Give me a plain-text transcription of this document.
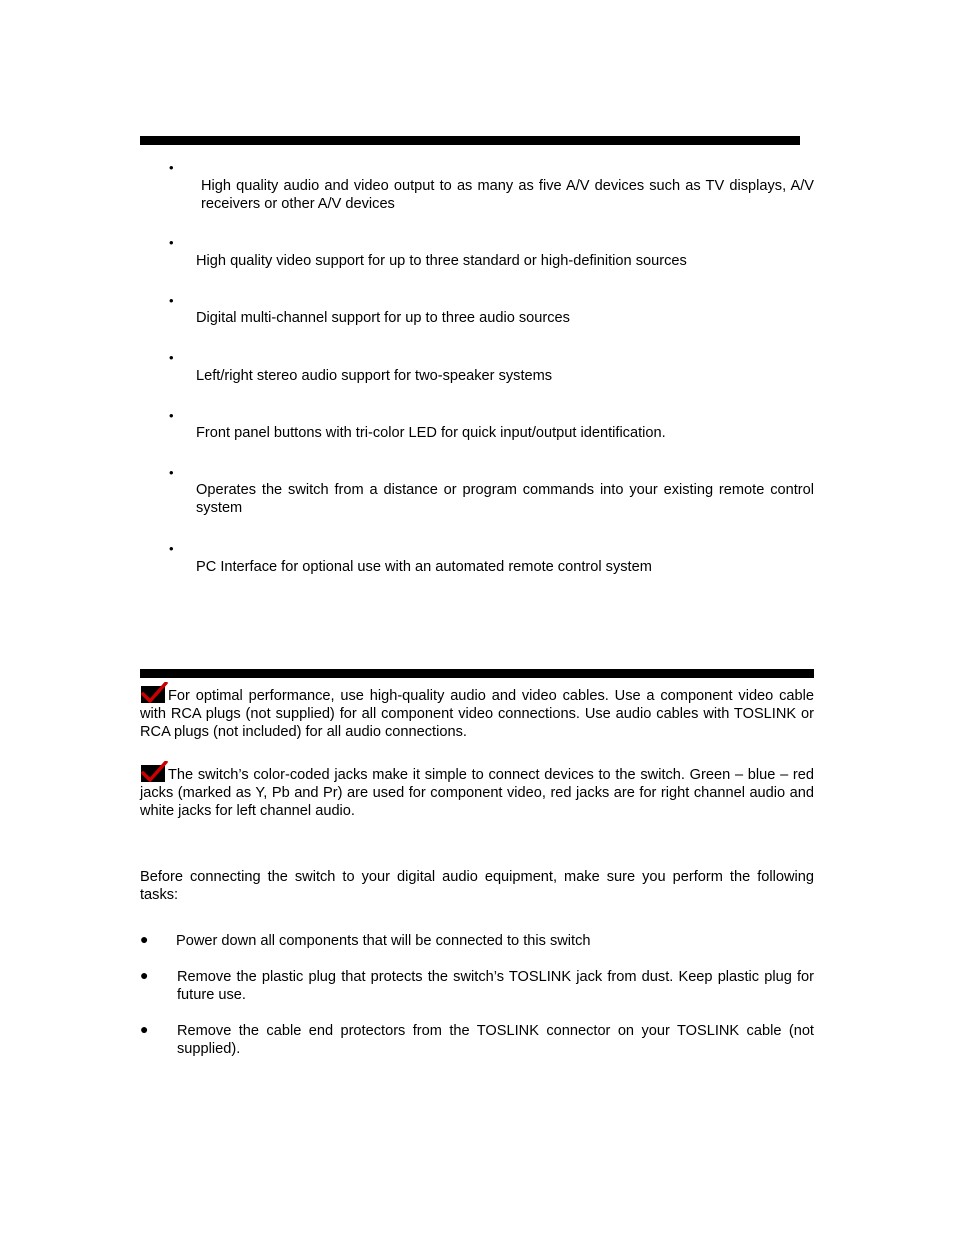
•
High quality audio and video output to as many as five A/V devices such as TV displays, A/V receivers or other A/V devices
•
High quality video support for up to three standard or high-definition sources
•
Digital multi-channel support for up to three audio sources
•
Left/right stereo audio support for two-speaker systems
•
Front panel buttons with tri-color LED for quick input/output identification.
•
Operates the switch from a distance or program commands into your existing remote control system
•
PC Interface for optional use with an automated remote control system

For optimal performance, use high-quality audio and video cables. Use a component video cable with RCA plugs (not supplied) for all component video connections. Use audio cables with TOSLINK or RCA plugs (not included) for all audio connections.

The switch’s color-coded jacks make it simple to connect devices to the switch. Green – blue – red jacks (marked as Y, Pb and Pr) are used for component video, red jacks are for right channel audio and white jacks for left channel audio.

Before connecting the switch to your digital audio equipment, make sure you perform the following tasks:

● Power down all components that will be connected to this switch
● Remove the plastic plug that protects the switch’s TOSLINK jack from dust. Keep plastic plug for future use.
● Remove the cable end protectors from the TOSLINK connector on your TOSLINK cable (not supplied).
